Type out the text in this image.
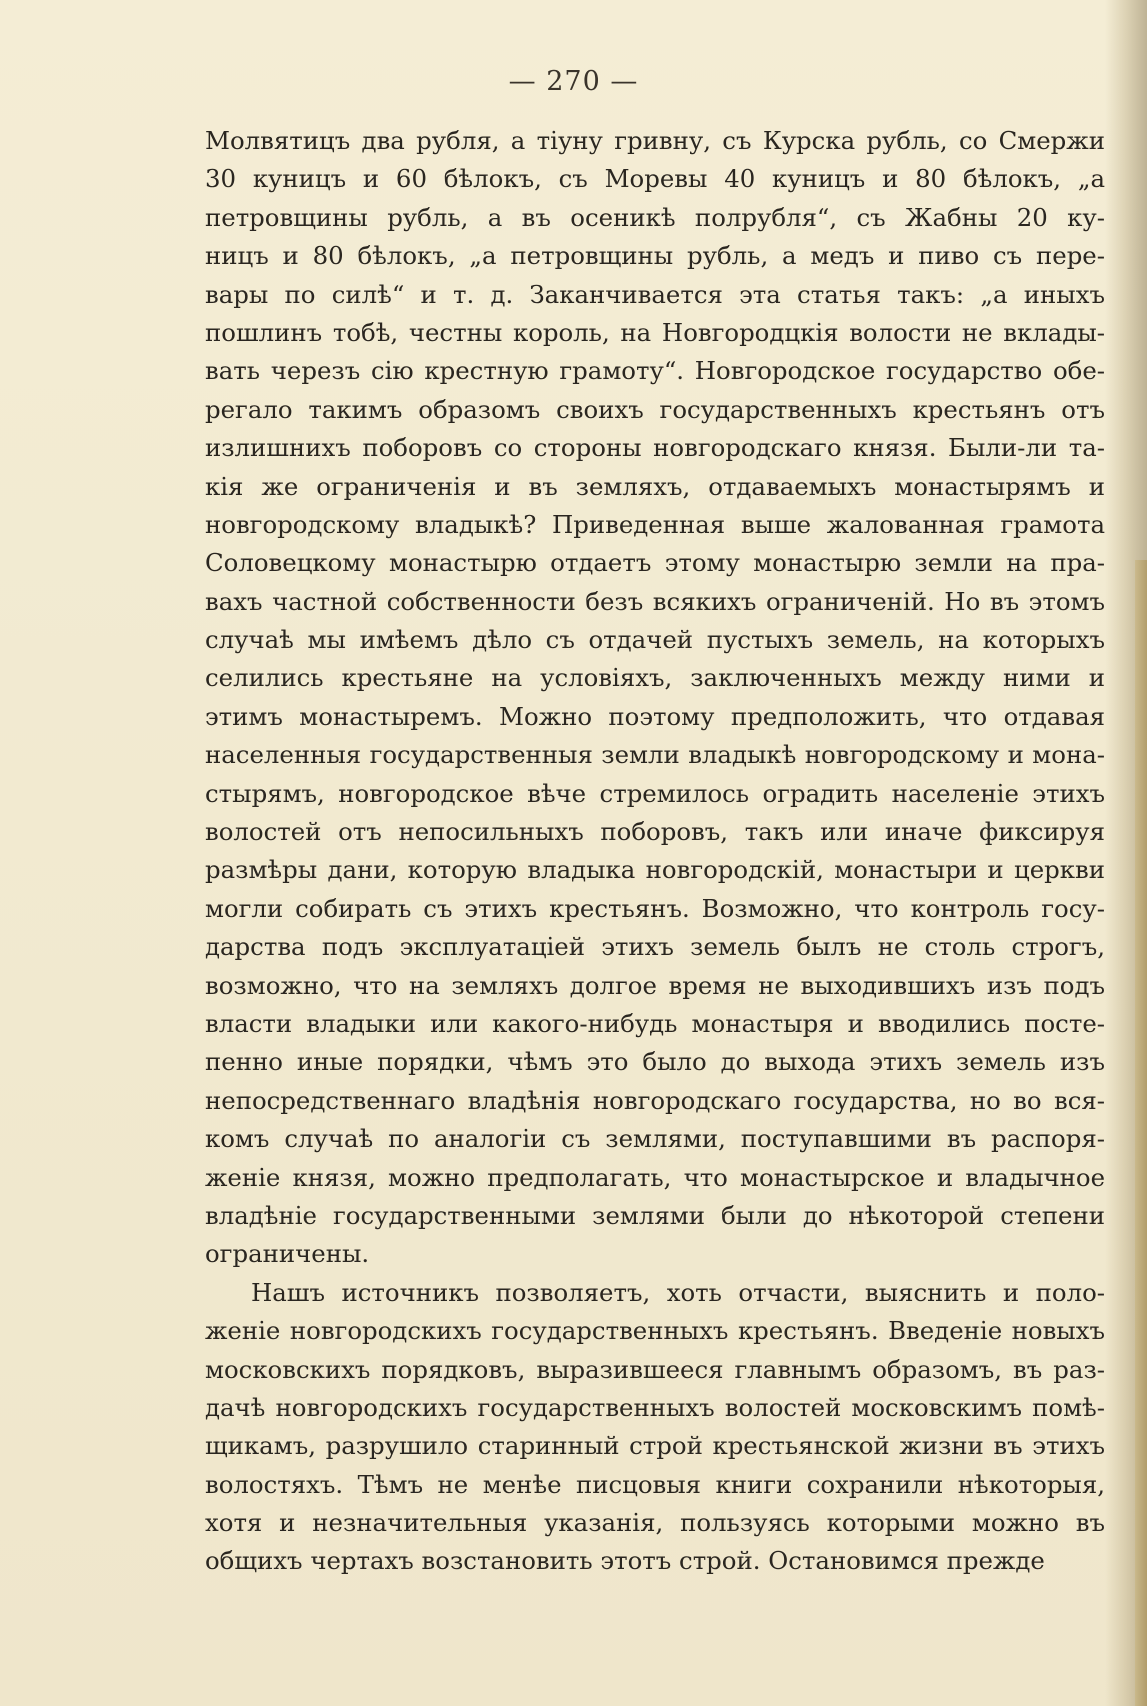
— 270 —
Молвятицъ два рубля, а тіуну гривну, съ Курска рубль, со Смержи
30 куницъ и 60 бѣлокъ, съ Моревы 40 куницъ и 80 бѣлокъ, „а
петровщины рубль, а въ осеникѣ полрубля“, съ Жабны 20 ку-
ницъ и 80 бѣлокъ, „а петровщины рубль, а медъ и пиво съ пере-
вары по силѣ“ и т. д. Заканчивается эта статья такъ: „а иныхъ
пошлинъ тобѣ, честны король, на Новгородцкія волости не вклады-
вать черезъ сію крестную грамоту“. Новгородское государство обе-
регало такимъ образомъ своихъ государственныхъ крестьянъ отъ
излишнихъ поборовъ со стороны новгородскаго князя. Были-ли та-
кія же ограниченія и въ земляхъ, отдаваемыхъ монастырямъ и
новгородскому владыкѣ? Приведенная выше жалованная грамота
Соловецкому монастырю отдаетъ этому монастырю земли на пра-
вахъ частной собственности безъ всякихъ ограниченій. Но въ этомъ
случаѣ мы имѣемъ дѣло съ отдачей пустыхъ земель, на которыхъ
селились крестьяне на условіяхъ, заключенныхъ между ними и
этимъ монастыремъ. Можно поэтому предположить, что отдавая
населенныя государственныя земли владыкѣ новгородскому и мона-
стырямъ, новгородское вѣче стремилось оградить населеніе этихъ
волостей отъ непосильныхъ поборовъ, такъ или иначе фиксируя
размѣры дани, которую владыка новгородскій, монастыри и церкви
могли собирать съ этихъ крестьянъ. Возможно, что контроль госу-
дарства подъ эксплуатаціей этихъ земель былъ не столь строгъ,
возможно, что на земляхъ долгое время не выходившихъ изъ подъ
власти владыки или какого-нибудь монастыря и вводились посте-
пенно иные порядки, чѣмъ это было до выхода этихъ земель изъ
непосредственнаго владѣнія новгородскаго государства, но во вся-
комъ случаѣ по аналогіи съ землями, поступавшими въ распоря-
женіе князя, можно предполагать, что монастырское и владычное
владѣніе государственными землями были до нѣкоторой степени
ограничены.
Нашъ источникъ позволяетъ, хоть отчасти, выяснить и поло-
женіе новгородскихъ государственныхъ крестьянъ. Введеніе новыхъ
московскихъ порядковъ, выразившееся главнымъ образомъ, въ раз-
дачѣ новгородскихъ государственныхъ волостей московскимъ помѣ-
щикамъ, разрушило старинный строй крестьянской жизни въ этихъ
волостяхъ. Тѣмъ не менѣе писцовыя книги сохранили нѣкоторыя,
хотя и незначительныя указанія, пользуясь которыми можно въ
общихъ чертахъ возстановить этотъ строй. Остановимся прежде
